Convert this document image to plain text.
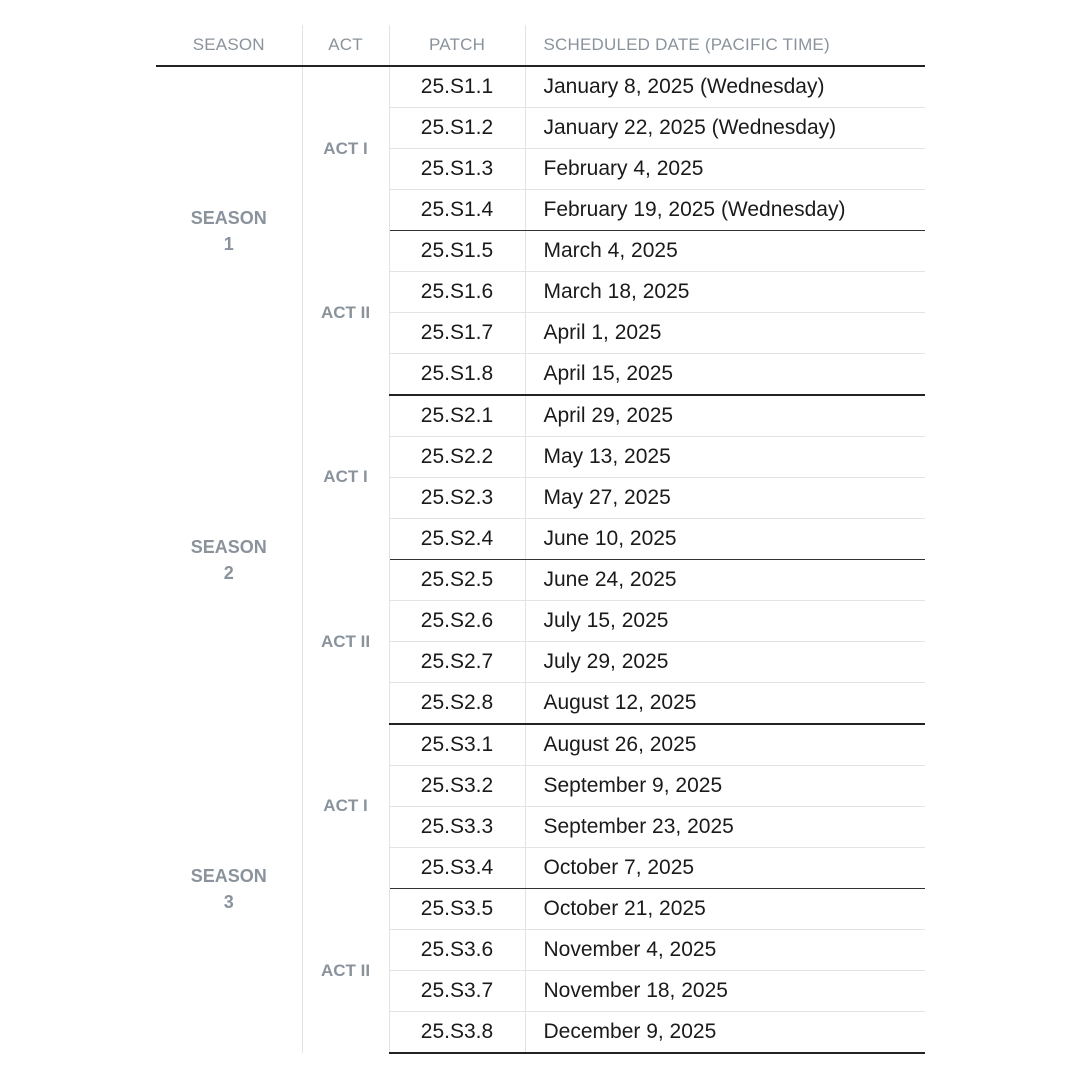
SEASON	ACT	PATCH	SCHEDULED DATE (PACIFIC TIME)

SEASON
1	ACT I	25.S1.1	January 8, 2025 (Wednesday)
		25.S1.2	January 22, 2025 (Wednesday)
		25.S1.3	February 4, 2025
		25.S1.4	February 19, 2025 (Wednesday)
	ACT II	25.S1.5	March 4, 2025
		25.S1.6	March 18, 2025
		25.S1.7	April 1, 2025
		25.S1.8	April 15, 2025

SEASON
2	ACT I	25.S2.1	April 29, 2025
		25.S2.2	May 13, 2025
		25.S2.3	May 27, 2025
		25.S2.4	June 10, 2025
	ACT II	25.S2.5	June 24, 2025
		25.S2.6	July 15, 2025
		25.S2.7	July 29, 2025
		25.S2.8	August 12, 2025

SEASON
3	ACT I	25.S3.1	August 26, 2025
		25.S3.2	September 9, 2025
		25.S3.3	September 23, 2025
		25.S3.4	October 7, 2025
	ACT II	25.S3.5	October 21, 2025
		25.S3.6	November 4, 2025
		25.S3.7	November 18, 2025
		25.S3.8	December 9, 2025
